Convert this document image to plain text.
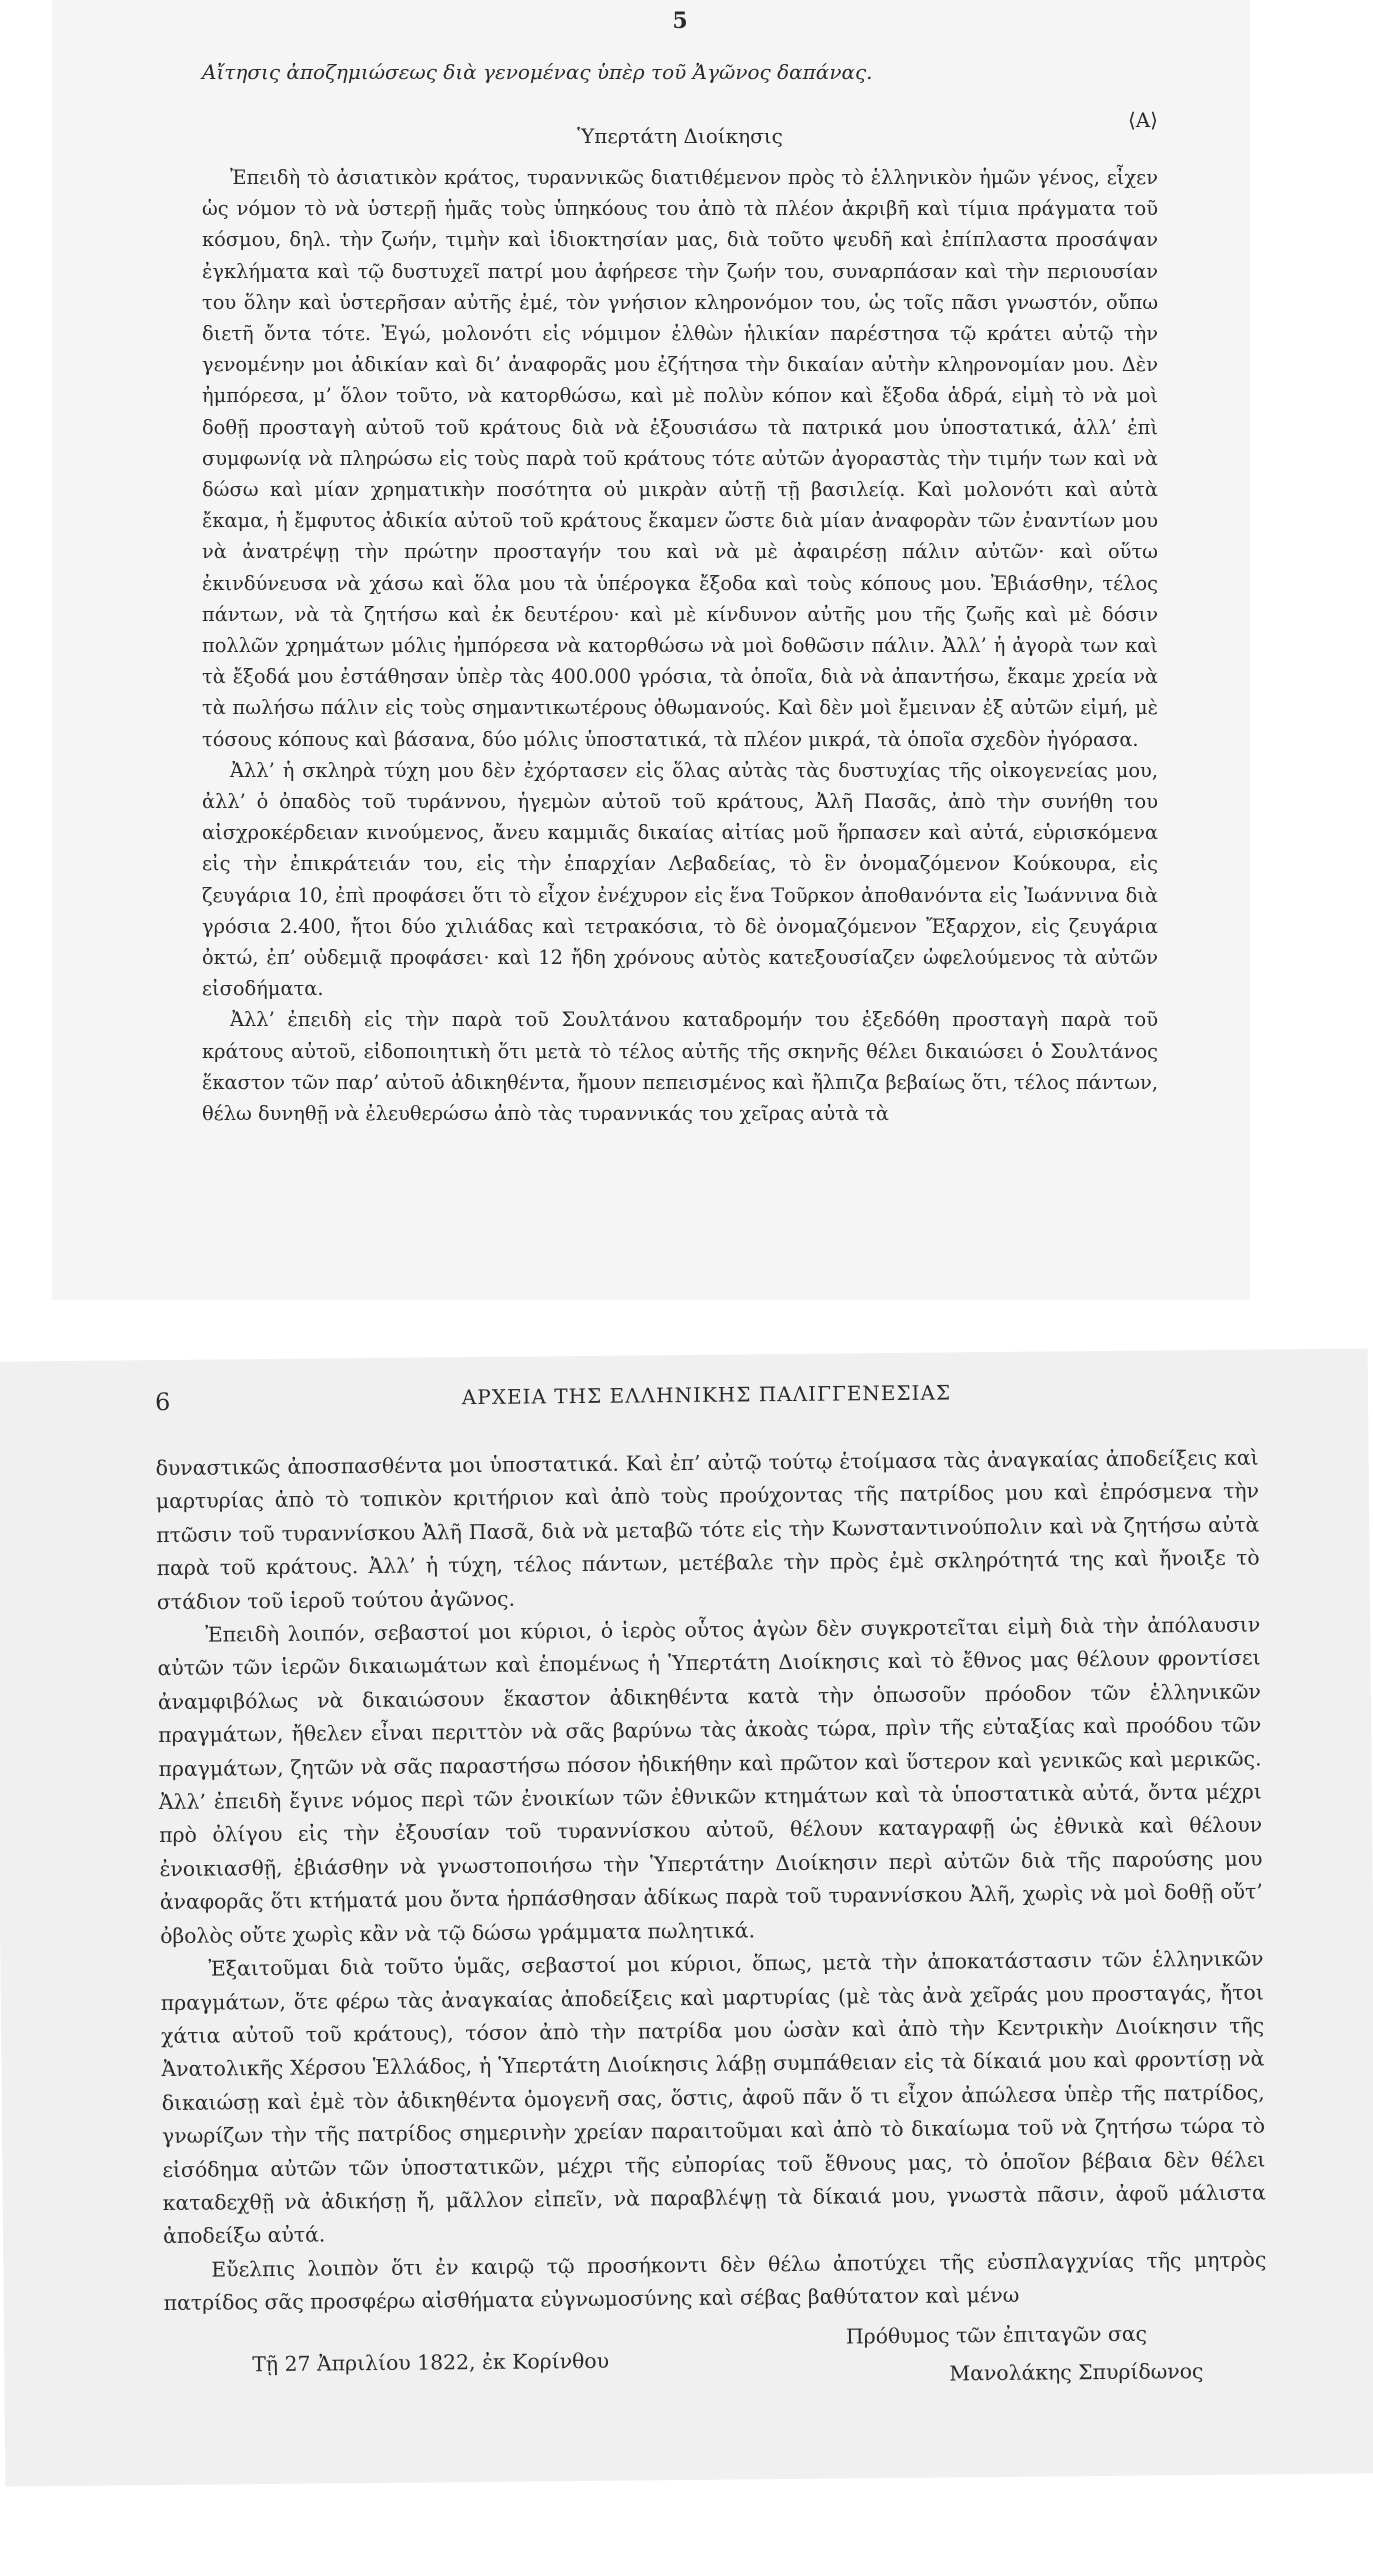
5
Αἴτησις ἀποζημιώσεως διὰ γενομένας ὑπὲρ τοῦ Ἀγῶνος δαπάνας.
Ὑπερτάτη Διοίκησις
⟨Α⟩

Ἐπειδὴ τὸ ἀσιατικὸν κράτος, τυραννικῶς διατιθέμενον πρὸς τὸ ἑλληνικὸν ἡμῶν γένος, εἶχεν ὡς νόμον τὸ νὰ ὑστερῇ ἡμᾶς τοὺς ὑπηκόους του ἀπὸ τὰ πλέον ἀκριβῆ καὶ τίμια πράγματα τοῦ κόσμου, δηλ. τὴν ζωήν, τιμὴν καὶ ἰδιοκτησίαν μας, διὰ τοῦτο ψευδῆ καὶ ἐπίπλαστα προσάψαν ἐγκλήματα καὶ τῷ δυστυχεῖ πατρί μου ἀφήρεσε τὴν ζωήν του, συναρπάσαν καὶ τὴν περιουσίαν του ὅλην καὶ ὑστερῆσαν αὐτῆς ἐμέ, τὸν γνήσιον κληρονόμον του, ὡς τοῖς πᾶσι γνωστόν, οὔπω διετῆ ὄντα τότε. Ἐγώ, μολονότι εἰς νόμιμον ἐλθὼν ἡλικίαν παρέστησα τῷ κράτει αὐτῷ τὴν γενομένην μοι ἀδικίαν καὶ δι’ ἀναφορᾶς μου ἐζήτησα τὴν δικαίαν αὐτὴν κληρονομίαν μου. Δὲν ἠμπόρεσα, μ’ ὅλον τοῦτο, νὰ κατορθώσω, καὶ μὲ πολὺν κόπον καὶ ἔξοδα ἁδρά, εἰμὴ τὸ νὰ μοὶ δοθῇ προσταγὴ αὐτοῦ τοῦ κράτους διὰ νὰ ἐξουσιάσω τὰ πατρικά μου ὑποστατικά, ἀλλ’ ἐπὶ συμφωνίᾳ νὰ πληρώσω εἰς τοὺς παρὰ τοῦ κράτους τότε αὐτῶν ἀγοραστὰς τὴν τιμήν των καὶ νὰ δώσω καὶ μίαν χρηματικὴν ποσότητα οὐ μικρὰν αὐτῇ τῇ βασιλείᾳ. Καὶ μολονότι καὶ αὐτὰ ἔκαμα, ἡ ἔμφυτος ἀδικία αὐτοῦ τοῦ κράτους ἔκαμεν ὥστε διὰ μίαν ἀναφορὰν τῶν ἐναντίων μου νὰ ἀνατρέψῃ τὴν πρώτην προσταγήν του καὶ νὰ μὲ ἀφαιρέσῃ πάλιν αὐτῶν· καὶ οὕτω ἐκινδύνευσα νὰ χάσω καὶ ὅλα μου τὰ ὑπέρογκα ἔξοδα καὶ τοὺς κόπους μου. Ἐβιάσθην, τέλος πάντων, νὰ τὰ ζητήσω καὶ ἐκ δευτέρου· καὶ μὲ κίνδυνον αὐτῆς μου τῆς ζωῆς καὶ μὲ δόσιν πολλῶν χρημάτων μόλις ἠμπόρεσα νὰ κατορθώσω νὰ μοὶ δοθῶσιν πάλιν. Ἀλλ’ ἡ ἀγορὰ των καὶ τὰ ἔξοδά μου ἐστάθησαν ὑπὲρ τὰς 400.000 γρόσια, τὰ ὁποῖα, διὰ νὰ ἀπαντήσω, ἔκαμε χρεία νὰ τὰ πωλήσω πάλιν εἰς τοὺς σημαντικωτέρους ὀθωμανούς. Καὶ δὲν μοὶ ἔμειναν ἐξ αὐτῶν εἰμή, μὲ τόσους κόπους καὶ βάσανα, δύο μόλις ὑποστατικά, τὰ πλέον μικρά, τὰ ὁποῖα σχεδὸν ἠγόρασα.

Ἀλλ’ ἡ σκληρὰ τύχη μου δὲν ἐχόρτασεν εἰς ὅλας αὐτὰς τὰς δυστυχίας τῆς οἰκογενείας μου, ἀλλ’ ὁ ὀπαδὸς τοῦ τυράννου, ἡγεμὼν αὐτοῦ τοῦ κράτους, Ἀλῆ Πασᾶς, ἀπὸ τὴν συνήθη του αἰσχροκέρδειαν κινούμενος, ἄνευ καμμιᾶς δικαίας αἰτίας μοῦ ἥρπασεν καὶ αὐτά, εὑρισκόμενα εἰς τὴν ἐπικράτειάν του, εἰς τὴν ἐπαρχίαν Λεβαδείας, τὸ ἓν ὀνομαζόμενον Κούκουρα, εἰς ζευγάρια 10, ἐπὶ προφάσει ὅτι τὸ εἶχον ἐνέχυρον εἰς ἕνα Τοῦρκον ἀποθανόντα εἰς Ἰωάννινα διὰ γρόσια 2.400, ἤτοι δύο χιλιάδας καὶ τετρακόσια, τὸ δὲ ὀνομαζόμενον Ἔξαρχον, εἰς ζευγάρια ὀκτώ, ἐπ’ οὐδεμιᾷ προφάσει· καὶ 12 ἤδη χρόνους αὐτὸς κατεξουσίαζεν ὠφελούμενος τὰ αὐτῶν εἰσοδήματα.

Ἀλλ’ ἐπειδὴ εἰς τὴν παρὰ τοῦ Σουλτάνου καταδρομήν του ἐξεδόθη προσταγὴ παρὰ τοῦ κράτους αὐτοῦ, εἰδοποιητικὴ ὅτι μετὰ τὸ τέλος αὐτῆς τῆς σκηνῆς θέλει δικαιώσει ὁ Σουλτάνος ἕκαστον τῶν παρ’ αὐτοῦ ἀδικηθέντα, ἤμουν πεπεισμένος καὶ ἤλπιζα βεβαίως ὅτι, τέλος πάντων, θέλω δυνηθῇ νὰ ἐλευθερώσω ἀπὸ τὰς τυραννικάς του χεῖρας αὐτὰ τὰ

6	ΑΡΧΕΙΑ ΤΗΣ ΕΛΛΗΝΙΚΗΣ ΠΑΛΙΓΓΕΝΕΣΙΑΣ

δυναστικῶς ἀποσπασθέντα μοι ὑποστατικά. Καὶ ἐπ’ αὐτῷ τούτῳ ἑτοίμασα τὰς ἀναγκαίας ἀποδείξεις καὶ μαρτυρίας ἀπὸ τὸ τοπικὸν κριτήριον καὶ ἀπὸ τοὺς προύχοντας τῆς πατρίδος μου καὶ ἐπρόσμενα τὴν πτῶσιν τοῦ τυραννίσκου Ἀλῆ Πασᾶ, διὰ νὰ μεταβῶ τότε εἰς τὴν Κωνσταντινούπολιν καὶ νὰ ζητήσω αὐτὰ παρὰ τοῦ κράτους. Ἀλλ’ ἡ τύχη, τέλος πάντων, μετέβαλε τὴν πρὸς ἐμὲ σκληρότητά της καὶ ἤνοιξε τὸ στάδιον τοῦ ἱεροῦ τούτου ἀγῶνος.

Ἐπειδὴ λοιπόν, σεβαστοί μοι κύριοι, ὁ ἱερὸς οὗτος ἀγὼν δὲν συγκροτεῖται εἰμὴ διὰ τὴν ἀπόλαυσιν αὐτῶν τῶν ἱερῶν δικαιωμάτων καὶ ἑπομένως ἡ Ὑπερτάτη Διοίκησις καὶ τὸ ἔθνος μας θέλουν φροντίσει ἀναμφιβόλως νὰ δικαιώσουν ἕκαστον ἀδικηθέντα κατὰ τὴν ὁπωσοῦν πρόοδον τῶν ἑλληνικῶν πραγμάτων, ἤθελεν εἶναι περιττὸν νὰ σᾶς βαρύνω τὰς ἀκοὰς τώρα, πρὶν τῆς εὐταξίας καὶ προόδου τῶν πραγμάτων, ζητῶν νὰ σᾶς παραστήσω πόσον ἠδικήθην καὶ πρῶτον καὶ ὕστερον καὶ γενικῶς καὶ μερικῶς. Ἀλλ’ ἐπειδὴ ἔγινε νόμος περὶ τῶν ἐνοικίων τῶν ἐθνικῶν κτημάτων καὶ τὰ ὑποστατικὰ αὐτά, ὄντα μέχρι πρὸ ὀλίγου εἰς τὴν ἐξουσίαν τοῦ τυραννίσκου αὐτοῦ, θέλουν καταγραφῇ ὡς ἐθνικὰ καὶ θέλουν ἐνοικιασθῇ, ἐβιάσθην νὰ γνωστοποιήσω τὴν Ὑπερτάτην Διοίκησιν περὶ αὐτῶν διὰ τῆς παρούσης μου ἀναφορᾶς ὅτι κτήματά μου ὄντα ἡρπάσθησαν ἀδίκως παρὰ τοῦ τυραννίσκου Ἀλῆ, χωρὶς νὰ μοὶ δοθῇ οὔτ’ ὀβολὸς οὔτε χωρὶς κἂν νὰ τῷ δώσω γράμματα πωλητικά.

Ἐξαιτοῦμαι διὰ τοῦτο ὑμᾶς, σεβαστοί μοι κύριοι, ὅπως, μετὰ τὴν ἀποκατάστασιν τῶν ἑλληνικῶν πραγμάτων, ὅτε φέρω τὰς ἀναγκαίας ἀποδείξεις καὶ μαρτυρίας (μὲ τὰς ἀνὰ χεῖράς μου προσταγάς, ἤτοι χάτια αὐτοῦ τοῦ κράτους), τόσον ἀπὸ τὴν πατρίδα μου ὡσὰν καὶ ἀπὸ τὴν Κεντρικὴν Διοίκησιν τῆς Ἀνατολικῆς Χέρσου Ἑλλάδος, ἡ Ὑπερτάτη Διοίκησις λάβῃ συμπάθειαν εἰς τὰ δίκαιά μου καὶ φροντίσῃ νὰ δικαιώσῃ καὶ ἐμὲ τὸν ἀδικηθέντα ὁμογενῆ σας, ὅστις, ἀφοῦ πᾶν ὅ τι εἶχον ἀπώλεσα ὑπὲρ τῆς πατρίδος, γνωρίζων τὴν τῆς πατρίδος σημερινὴν χρείαν παραιτοῦμαι καὶ ἀπὸ τὸ δικαίωμα τοῦ νὰ ζητήσω τώρα τὸ εἰσόδημα αὐτῶν τῶν ὑποστατικῶν, μέχρι τῆς εὐπορίας τοῦ ἔθνους μας, τὸ ὁποῖον βέβαια δὲν θέλει καταδεχθῇ νὰ ἀδικήσῃ ἤ, μᾶλλον εἰπεῖν, νὰ παραβλέψῃ τὰ δίκαιά μου, γνωστὰ πᾶσιν, ἀφοῦ μάλιστα ἀποδείξω αὐτά.

Εὔελπις λοιπὸν ὅτι ἐν καιρῷ τῷ προσήκοντι δὲν θέλω ἀποτύχει τῆς εὐσπλαγχνίας τῆς μητρὸς πατρίδος σᾶς προσφέρω αἰσθήματα εὐγνωμοσύνης καὶ σέβας βαθύτατον καὶ μένω

Τῇ 27 Ἀπριλίου 1822, ἐκ Κορίνθου
Πρόθυμος τῶν ἐπιταγῶν σας
Μανολάκης Σπυρίδωνος
